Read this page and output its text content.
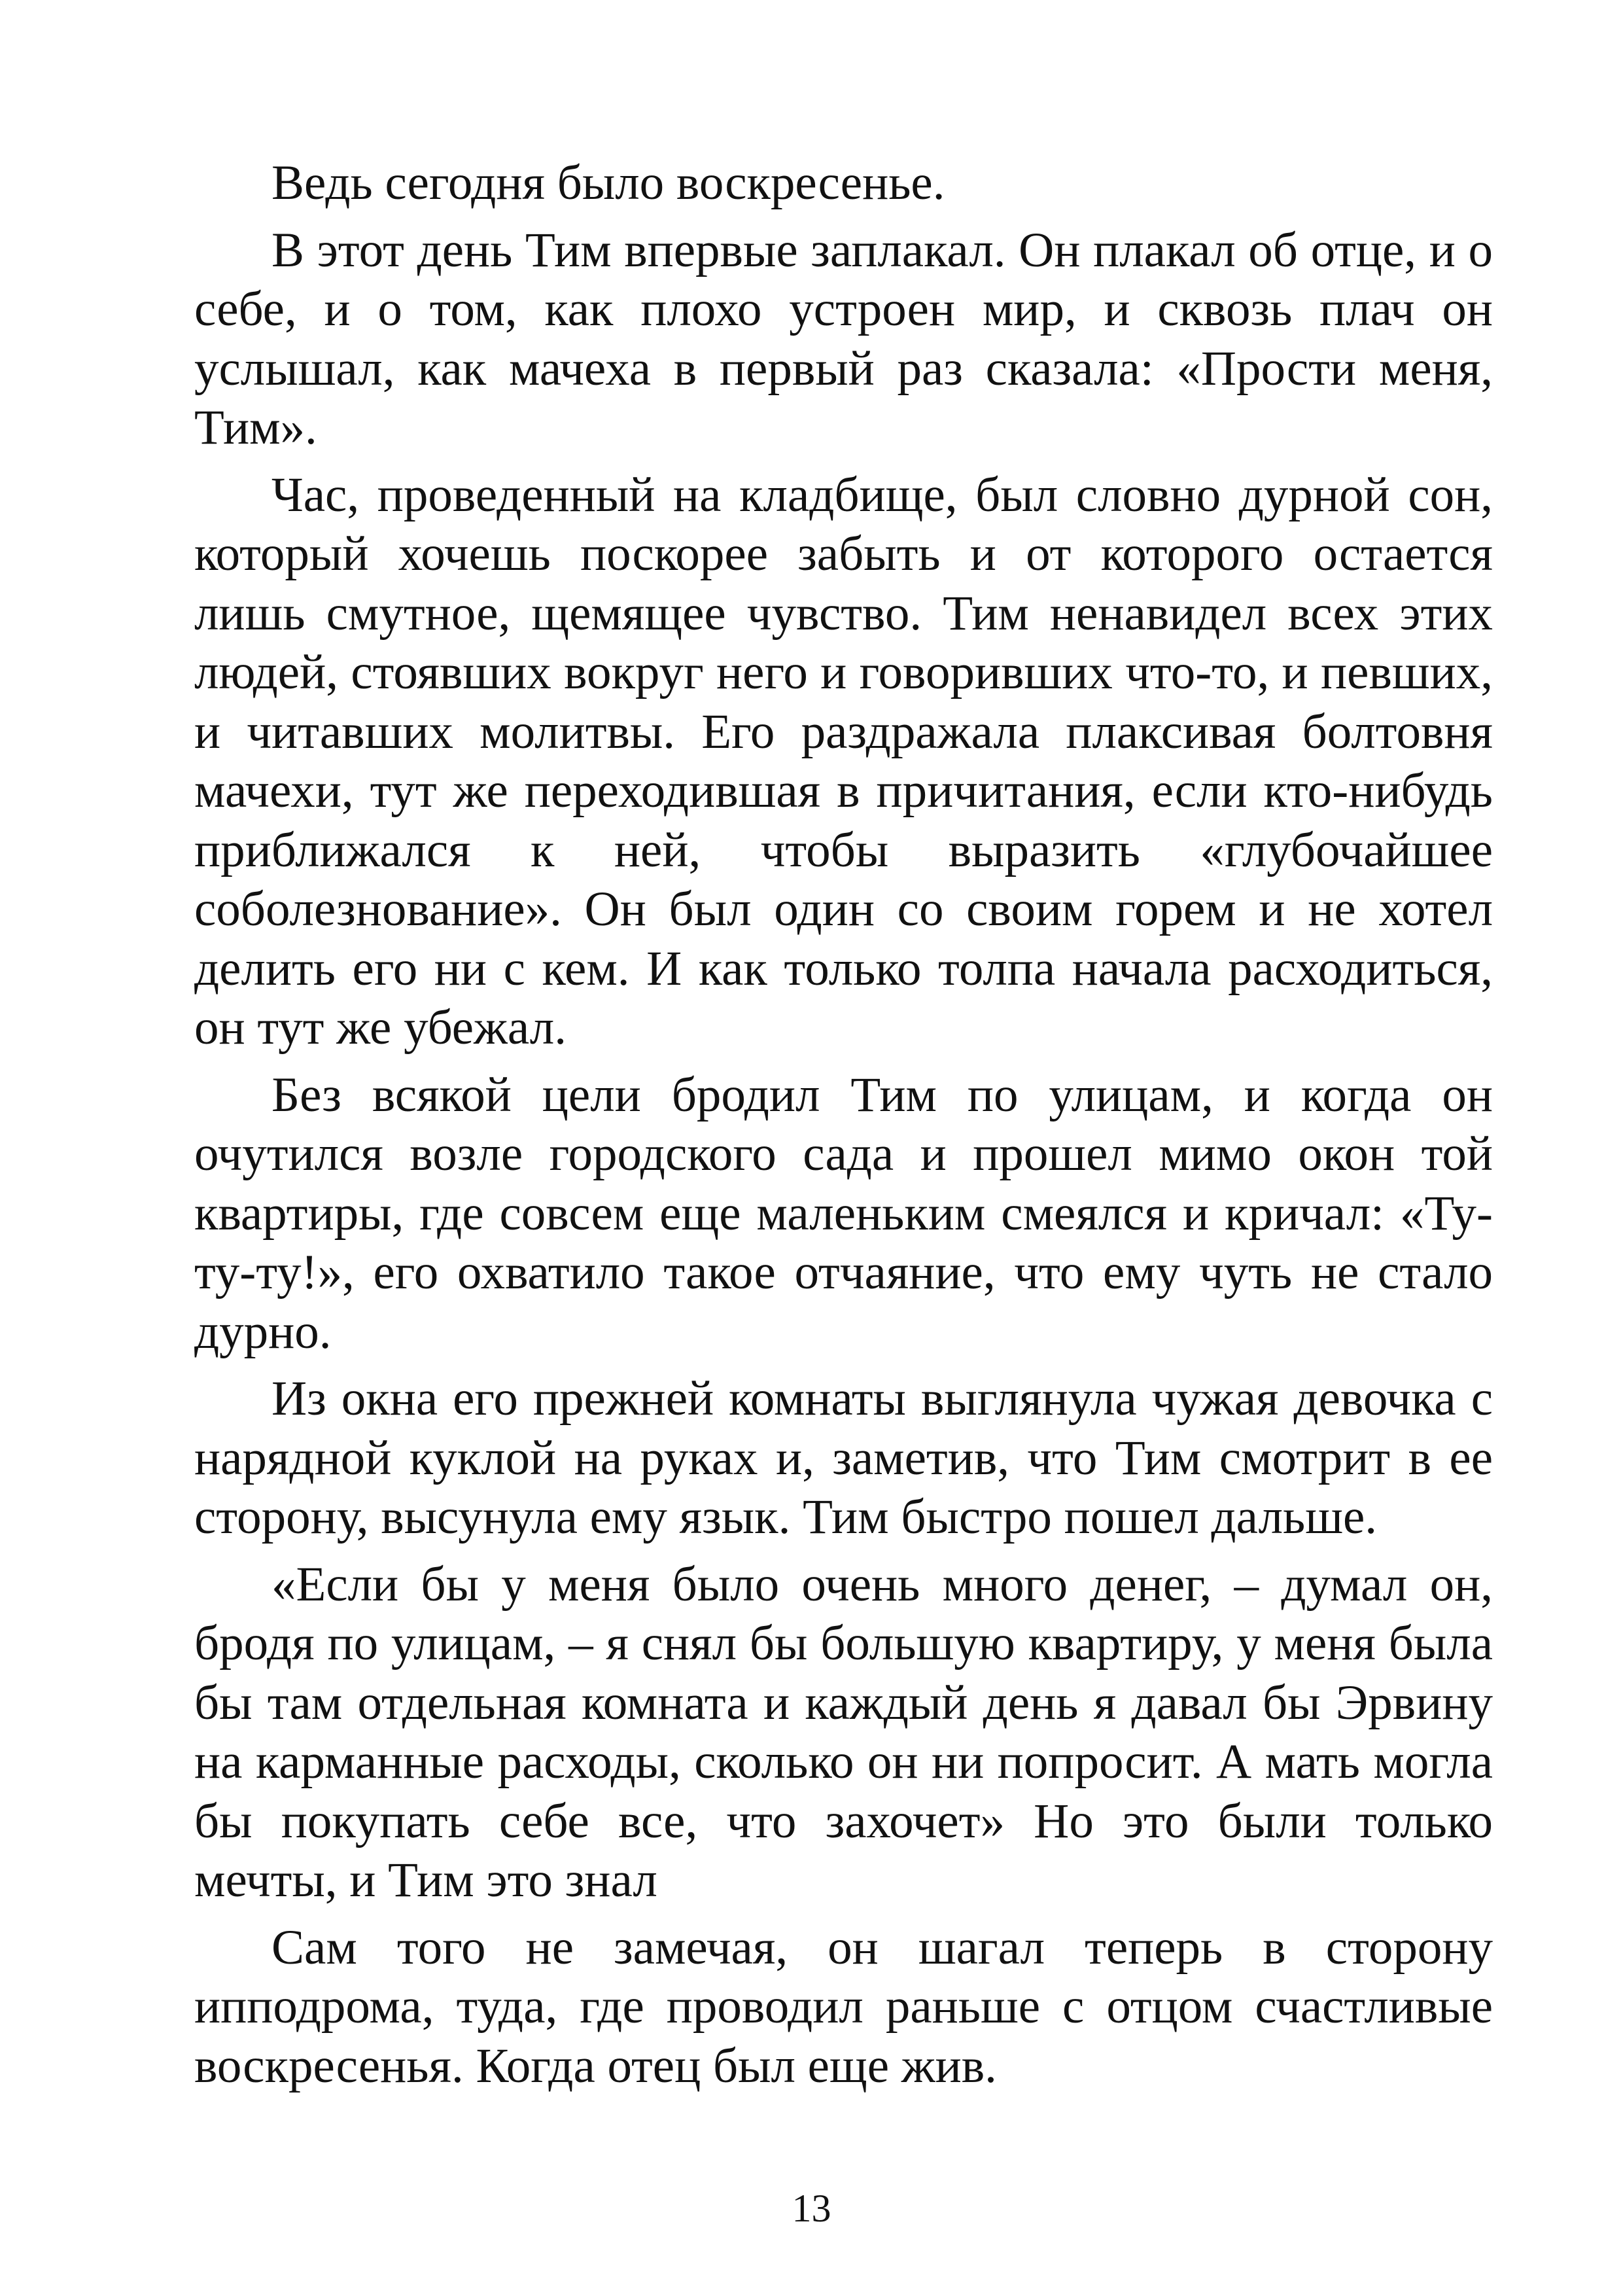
Ведь сегодня было воскресенье.

В этот день Тим впервые заплакал. Он плакал об отце, и о себе, и о том, как плохо устроен мир, и сквозь плач он услышал, как мачеха в первый раз сказала: «Прости меня, Тим».

Час, проведенный на кладбище, был словно дурной сон, который хочешь поскорее забыть и от которого остается лишь смутное, щемящее чувство. Тим ненавидел всех этих людей, стоявших вокруг него и говоривших что-то, и певших, и читавших молитвы. Его раздражала плаксивая болтовня мачехи, тут же переходившая в причитания, если кто-нибудь приближался к ней, чтобы выразить «глубочайшее соболезнование». Он был один со своим горем и не хотел делить его ни с кем. И как только толпа начала расходиться, он тут же убежал.

Без всякой цели бродил Тим по улицам, и когда он очутился возле городского сада и прошел мимо окон той квартиры, где совсем еще маленьким смеялся и кричал: «Ту-ту-ту!», его охватило такое отчаяние, что ему чуть не стало дурно.

Из окна его прежней комнаты выглянула чужая девочка с нарядной куклой на руках и, заметив, что Тим смотрит в ее сторону, высунула ему язык. Тим быстро пошел дальше.

«Если бы у меня было очень много денег, – думал он, бродя по улицам, – я снял бы большую квартиру, у меня была бы там отдельная комната и каждый день я давал бы Эрвину на карманные расходы, сколько он ни попросит. А мать могла бы покупать себе все, что захочет» Но это были только мечты, и Тим это знал

Сам того не замечая, он шагал теперь в сторону ипподрома, туда, где проводил раньше с отцом счастливые воскресенья. Когда отец был еще жив.

13
